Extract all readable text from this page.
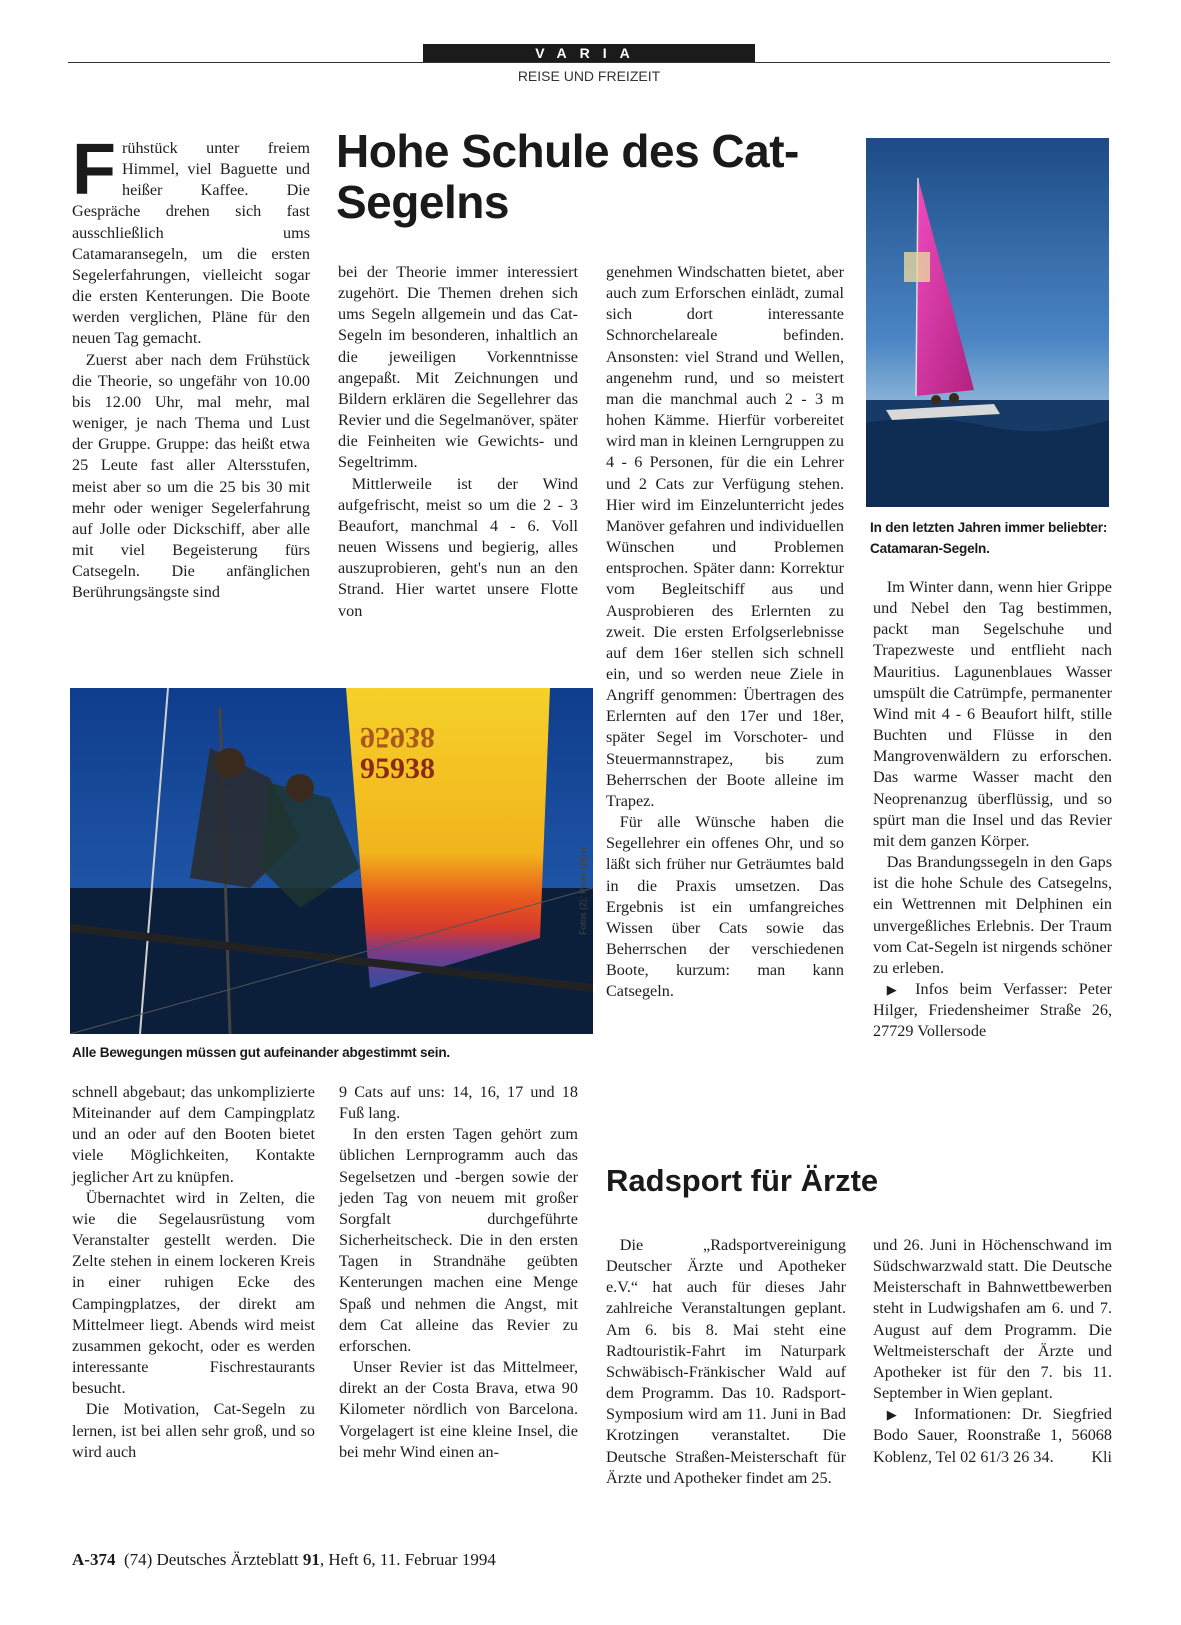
VARIA
REISE UND FREIZEIT
Hohe Schule des Cat-Segelns

Frühstück unter freiem Himmel, viel Baguette und heißer Kaffee. Die Gespräche drehen sich fast ausschließlich ums Catamaransegeln, um die ersten Segelerfahrungen, vielleicht sogar die ersten Kenterungen. Die Boote werden verglichen, Pläne für den neuen Tag gemacht.

Zuerst aber nach dem Frühstück die Theorie, so ungefähr von 10.00 bis 12.00 Uhr, mal mehr, mal weniger, je nach Thema und Lust der Gruppe. Gruppe: das heißt etwa 25 Leute fast aller Altersstufen, meist aber so um die 25 bis 30 mit mehr oder weniger Segelerfahrung auf Jolle oder Dickschiff, aber alle mit viel Begeisterung fürs Catsegeln. Die anfänglichen Berührungsängste sind

bei der Theorie immer interessiert zugehört. Die Themen drehen sich ums Segeln allgemein und das Cat-Segeln im besonderen, inhaltlich an die jeweiligen Vorkenntnisse angepaßt. Mit Zeichnungen und Bildern erklären die Segellehrer das Revier und die Segelmanöver, später die Feinheiten wie Gewichts- und Segeltrimm.

Mittlerweile ist der Wind aufgefrischt, meist so um die 2 - 3 Beaufort, manchmal 4 - 6. Voll neuen Wissens und begierig, alles auszuprobieren, geht's nun an den Strand. Hier wartet unsere Flotte von

genehmen Windschatten bietet, aber auch zum Erforschen einlädt, zumal sich dort interessante Schnorchelareale befinden. Ansonsten: viel Strand und Wellen, angenehm rund, und so meistert man die manchmal auch 2 - 3 m hohen Kämme. Hierfür vorbereitet wird man in kleinen Lerngruppen zu 4 - 6 Personen, für die ein Lehrer und 2 Cats zur Verfügung stehen. Hier wird im Einzelunterricht jedes Manöver gefahren und individuellen Wünschen und Problemen entsprochen. Später dann: Korrektur vom Begleitschiff aus und Ausprobieren des Erlernten zu zweit. Die ersten Erfolgserlebnisse auf dem 16er stellen sich schnell ein, und so werden neue Ziele in Angriff genommen: Übertragen des Erlernten auf den 17er und 18er, später Segel im Vorschoter- und Steuermannstrapez, bis zum Beherrschen der Boote alleine im Trapez.

Für alle Wünsche haben die Segellehrer ein offenes Ohr, und so läßt sich früher nur Geträumtes bald in die Praxis umsetzen. Das Ergebnis ist ein umfangreiches Wissen über Cats sowie das Beherrschen der verschiedenen Boote, kurzum: man kann Catsegeln.

In den letzten Jahren immer beliebter: Catamaran-Segeln.
95938
95938
Fotos (2): Peter Hilger
Alle Bewegungen müssen gut aufeinander abgestimmt sein.

schnell abgebaut; das unkomplizierte Miteinander auf dem Campingplatz und an oder auf den Booten bietet viele Möglichkeiten, Kontakte jeglicher Art zu knüpfen.

Übernachtet wird in Zelten, die wie die Segelausrüstung vom Veranstalter gestellt werden. Die Zelte stehen in einem lockeren Kreis in einer ruhigen Ecke des Campingplatzes, der direkt am Mittelmeer liegt. Abends wird meist zusammen gekocht, oder es werden interessante Fischrestaurants besucht.

Die Motivation, Cat-Segeln zu lernen, ist bei allen sehr groß, und so wird auch

9 Cats auf uns: 14, 16, 17 und 18 Fuß lang.

In den ersten Tagen gehört zum üblichen Lernprogramm auch das Segelsetzen und -bergen sowie der jeden Tag von neuem mit großer Sorgfalt durchgeführte Sicherheitscheck. Die in den ersten Tagen in Strandnähe geübten Kenterungen machen eine Menge Spaß und nehmen die Angst, mit dem Cat alleine das Revier zu erforschen.

Unser Revier ist das Mittelmeer, direkt an der Costa Brava, etwa 90 Kilometer nördlich von Barcelona. Vorgelagert ist eine kleine Insel, die bei mehr Wind einen an-

Im Winter dann, wenn hier Grippe und Nebel den Tag bestimmen, packt man Segelschuhe und Trapezweste und entflieht nach Mauritius. Lagunenblaues Wasser umspült die Catrümpfe, permanenter Wind mit 4 - 6 Beaufort hilft, stille Buchten und Flüsse in den Mangrovenwäldern zu erforschen. Das warme Wasser macht den Neoprenanzug überflüssig, und so spürt man die Insel und das Revier mit dem ganzen Körper.

Das Brandungssegeln in den Gaps ist die hohe Schule des Catsegelns, ein Wettrennen mit Delphinen ein unvergeßliches Erlebnis. Der Traum vom Cat-Segeln ist nirgends schöner zu erleben.

▶ Infos beim Verfasser: Peter Hilger, Friedensheimer Straße 26, 27729 Vollersode

Radsport für Ärzte

Die „Radsportvereinigung Deutscher Ärzte und Apotheker e.V.“ hat auch für dieses Jahr zahlreiche Veranstaltungen geplant. Am 6. bis 8. Mai steht eine Radtouristik-Fahrt im Naturpark Schwäbisch-Fränkischer Wald auf dem Programm. Das 10. Radsport-Symposium wird am 11. Juni in Bad Krotzingen veranstaltet. Die Deutsche Straßen-Meisterschaft für Ärzte und Apotheker findet am 25.

und 26. Juni in Höchenschwand im Südschwarzwald statt. Die Deutsche Meisterschaft in Bahnwettbewerben steht in Ludwigshafen am 6. und 7. August auf dem Programm. Die Weltmeisterschaft der Ärzte und Apotheker ist für den 7. bis 11. September in Wien geplant.

▶ Informationen: Dr. Siegfried Bodo Sauer, Roonstraße 1, 56068 Koblenz, Tel 02 61/3 26 34.	Kli

A-374 (74) Deutsches Ärzteblatt 91, Heft 6, 11. Februar 1994
